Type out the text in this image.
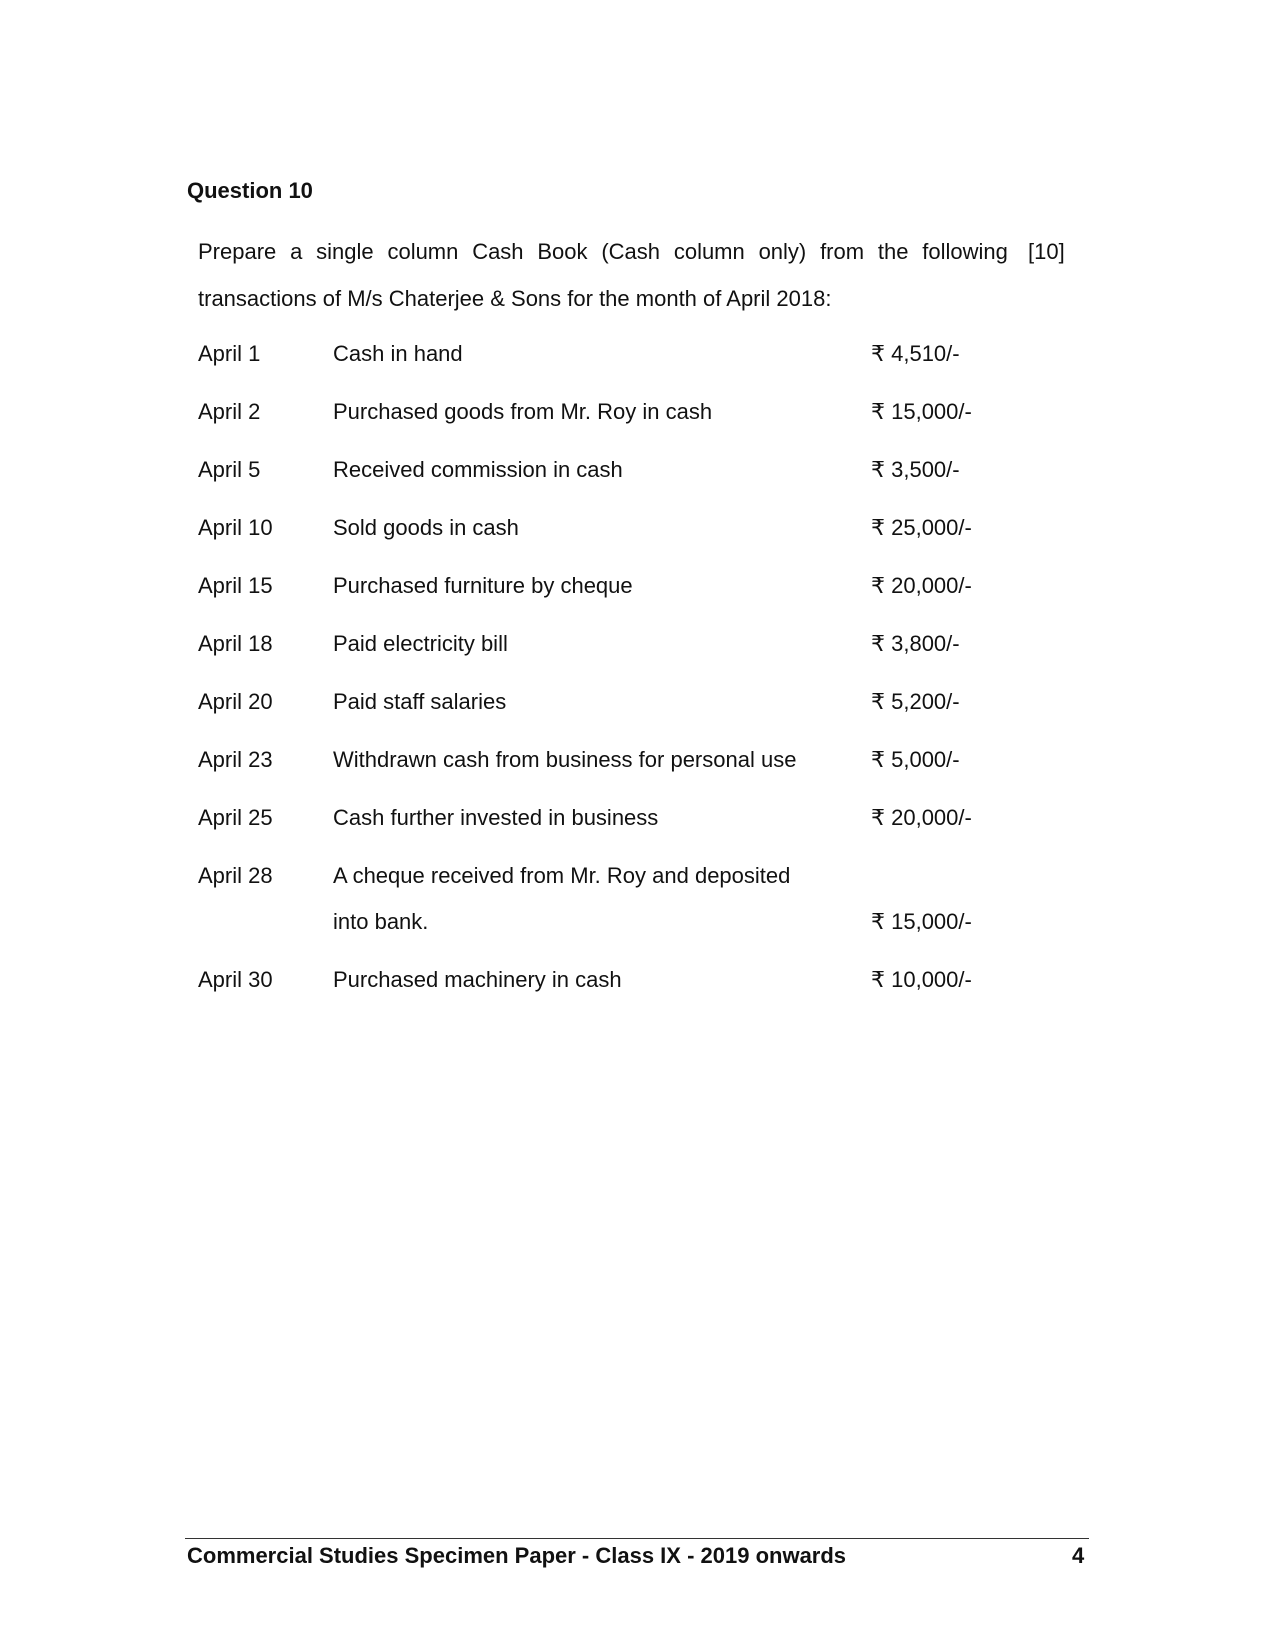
Question 10
Prepare a single column Cash Book (Cash column only) from the following [10]
transactions of M/s Chaterjee & Sons for the month of April 2018:
April 1	Cash in hand	₹ 4,510/-
April 2	Purchased goods from Mr. Roy in cash	₹ 15,000/-
April 5	Received commission in cash	₹ 3,500/-
April 10	Sold goods in cash	₹ 25,000/-
April 15	Purchased furniture by cheque	₹ 20,000/-
April 18	Paid electricity bill	₹ 3,800/-
April 20	Paid staff salaries	₹ 5,200/-
April 23	Withdrawn cash from business for personal use	₹ 5,000/-
April 25	Cash further invested in business	₹ 20,000/-
April 28	A cheque received from Mr. Roy and deposited
into bank.	₹ 15,000/-
April 30	Purchased machinery in cash	₹ 10,000/-
Commercial Studies Specimen Paper - Class IX - 2019 onwards	4
